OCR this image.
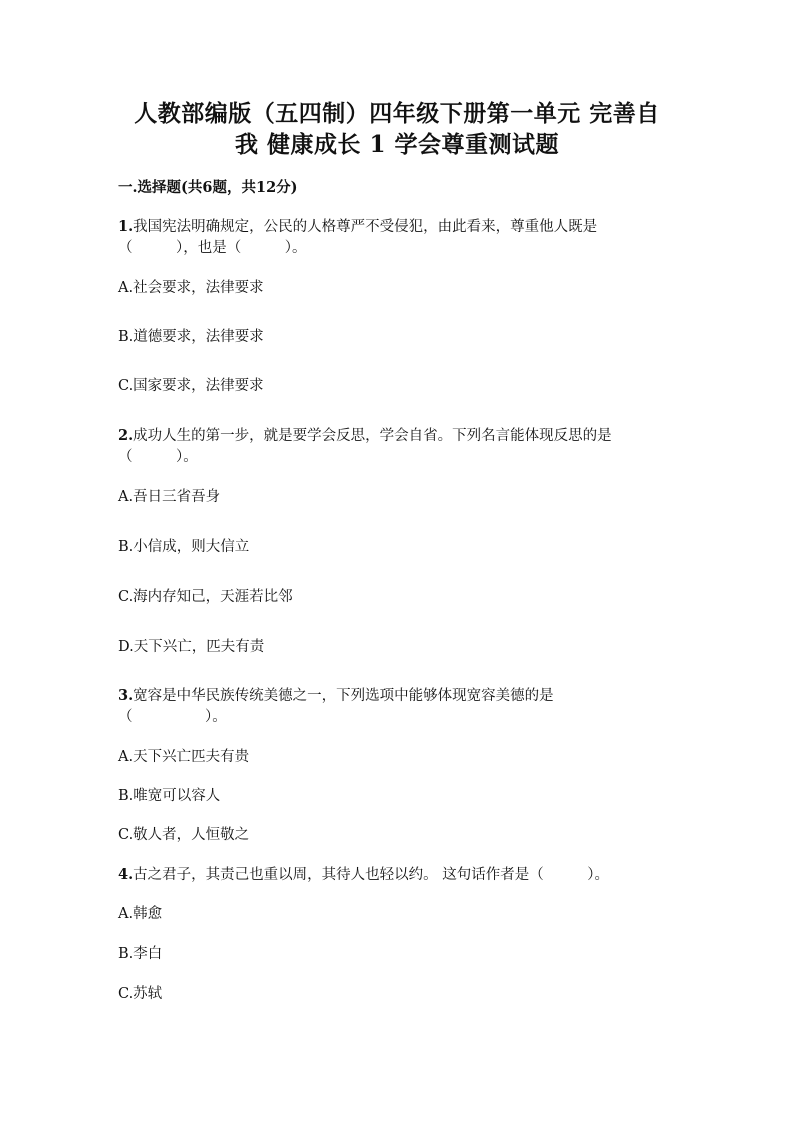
人教部编版（五四制）四年级下册第一单元 完善自
我 健康成长 1 学会尊重测试题
一.选择题(共6题，共12分)
1.我国宪法明确规定，公民的人格尊严不受侵犯，由此看来，尊重他人既是
（　　　），也是（　　　）。
A.社会要求，法律要求
B.道德要求，法律要求
C.国家要求，法律要求
2.成功人生的第一步，就是要学会反思，学会自省。下列名言能体现反思的是
（　　　）。
A.吾日三省吾身
B.小信成，则大信立
C.海内存知己，天涯若比邻
D.天下兴亡，匹夫有责
3.宽容是中华民族传统美德之一，下列选项中能够体现宽容美德的是
（　　　　　）。
A.天下兴亡匹夫有贵
B.唯宽可以容人
C.敬人者，人恒敬之
4.古之君子，其责己也重以周，其待人也轻以约。 这句话作者是（　　　）。
A.韩愈
B.李白
C.苏轼
